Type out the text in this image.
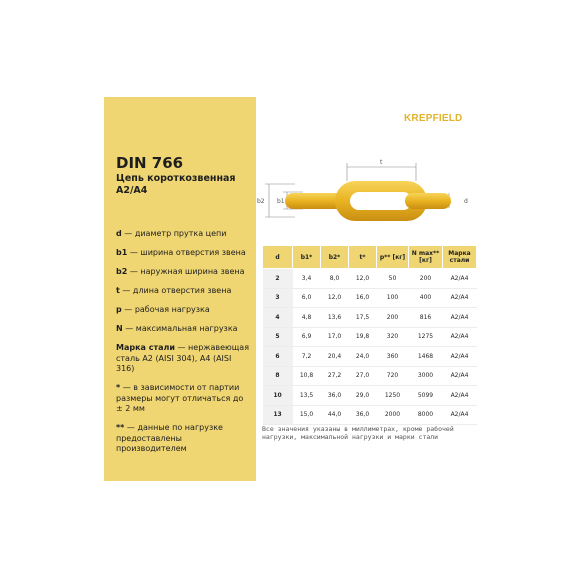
KREPFIELD
DIN 766
Цепь короткозвенная A2/A4
d — диаметр прутка цепи
b1 — ширина отверстия звена
b2 — наружная ширина звена
t — длина отверстия звена
p — рабочая нагрузка
N — максимальная нагрузка
Марка стали — нержавеющая сталь A2 (AISI 304), A4 (AISI 316)
* — в зависимости от партии размеры могут отличаться до ± 2 мм
** — данные по нагрузке предоставлены производителем
t
b2 b1	d
d	b1*	b2*	t*	p** [кг]	N max** [кг]	Марка стали
2	3,4	8,0	12,0	50	200	A2/A4
3	6,0	12,0	16,0	100	400	A2/A4
4	4,8	13,6	17,5	200	816	A2/A4
5	6,9	17,0	19,8	320	1275	A2/A4
6	7,2	20,4	24,0	360	1468	A2/A4
8	10,8	27,2	27,0	720	3000	A2/A4
10	13,5	36,0	29,0	1250	5099	A2/A4
13	15,0	44,0	36,0	2000	8000	A2/A4
Все значения указаны в миллиметрах, кроме рабочей нагрузки, максимальной нагрузки и марки стали
